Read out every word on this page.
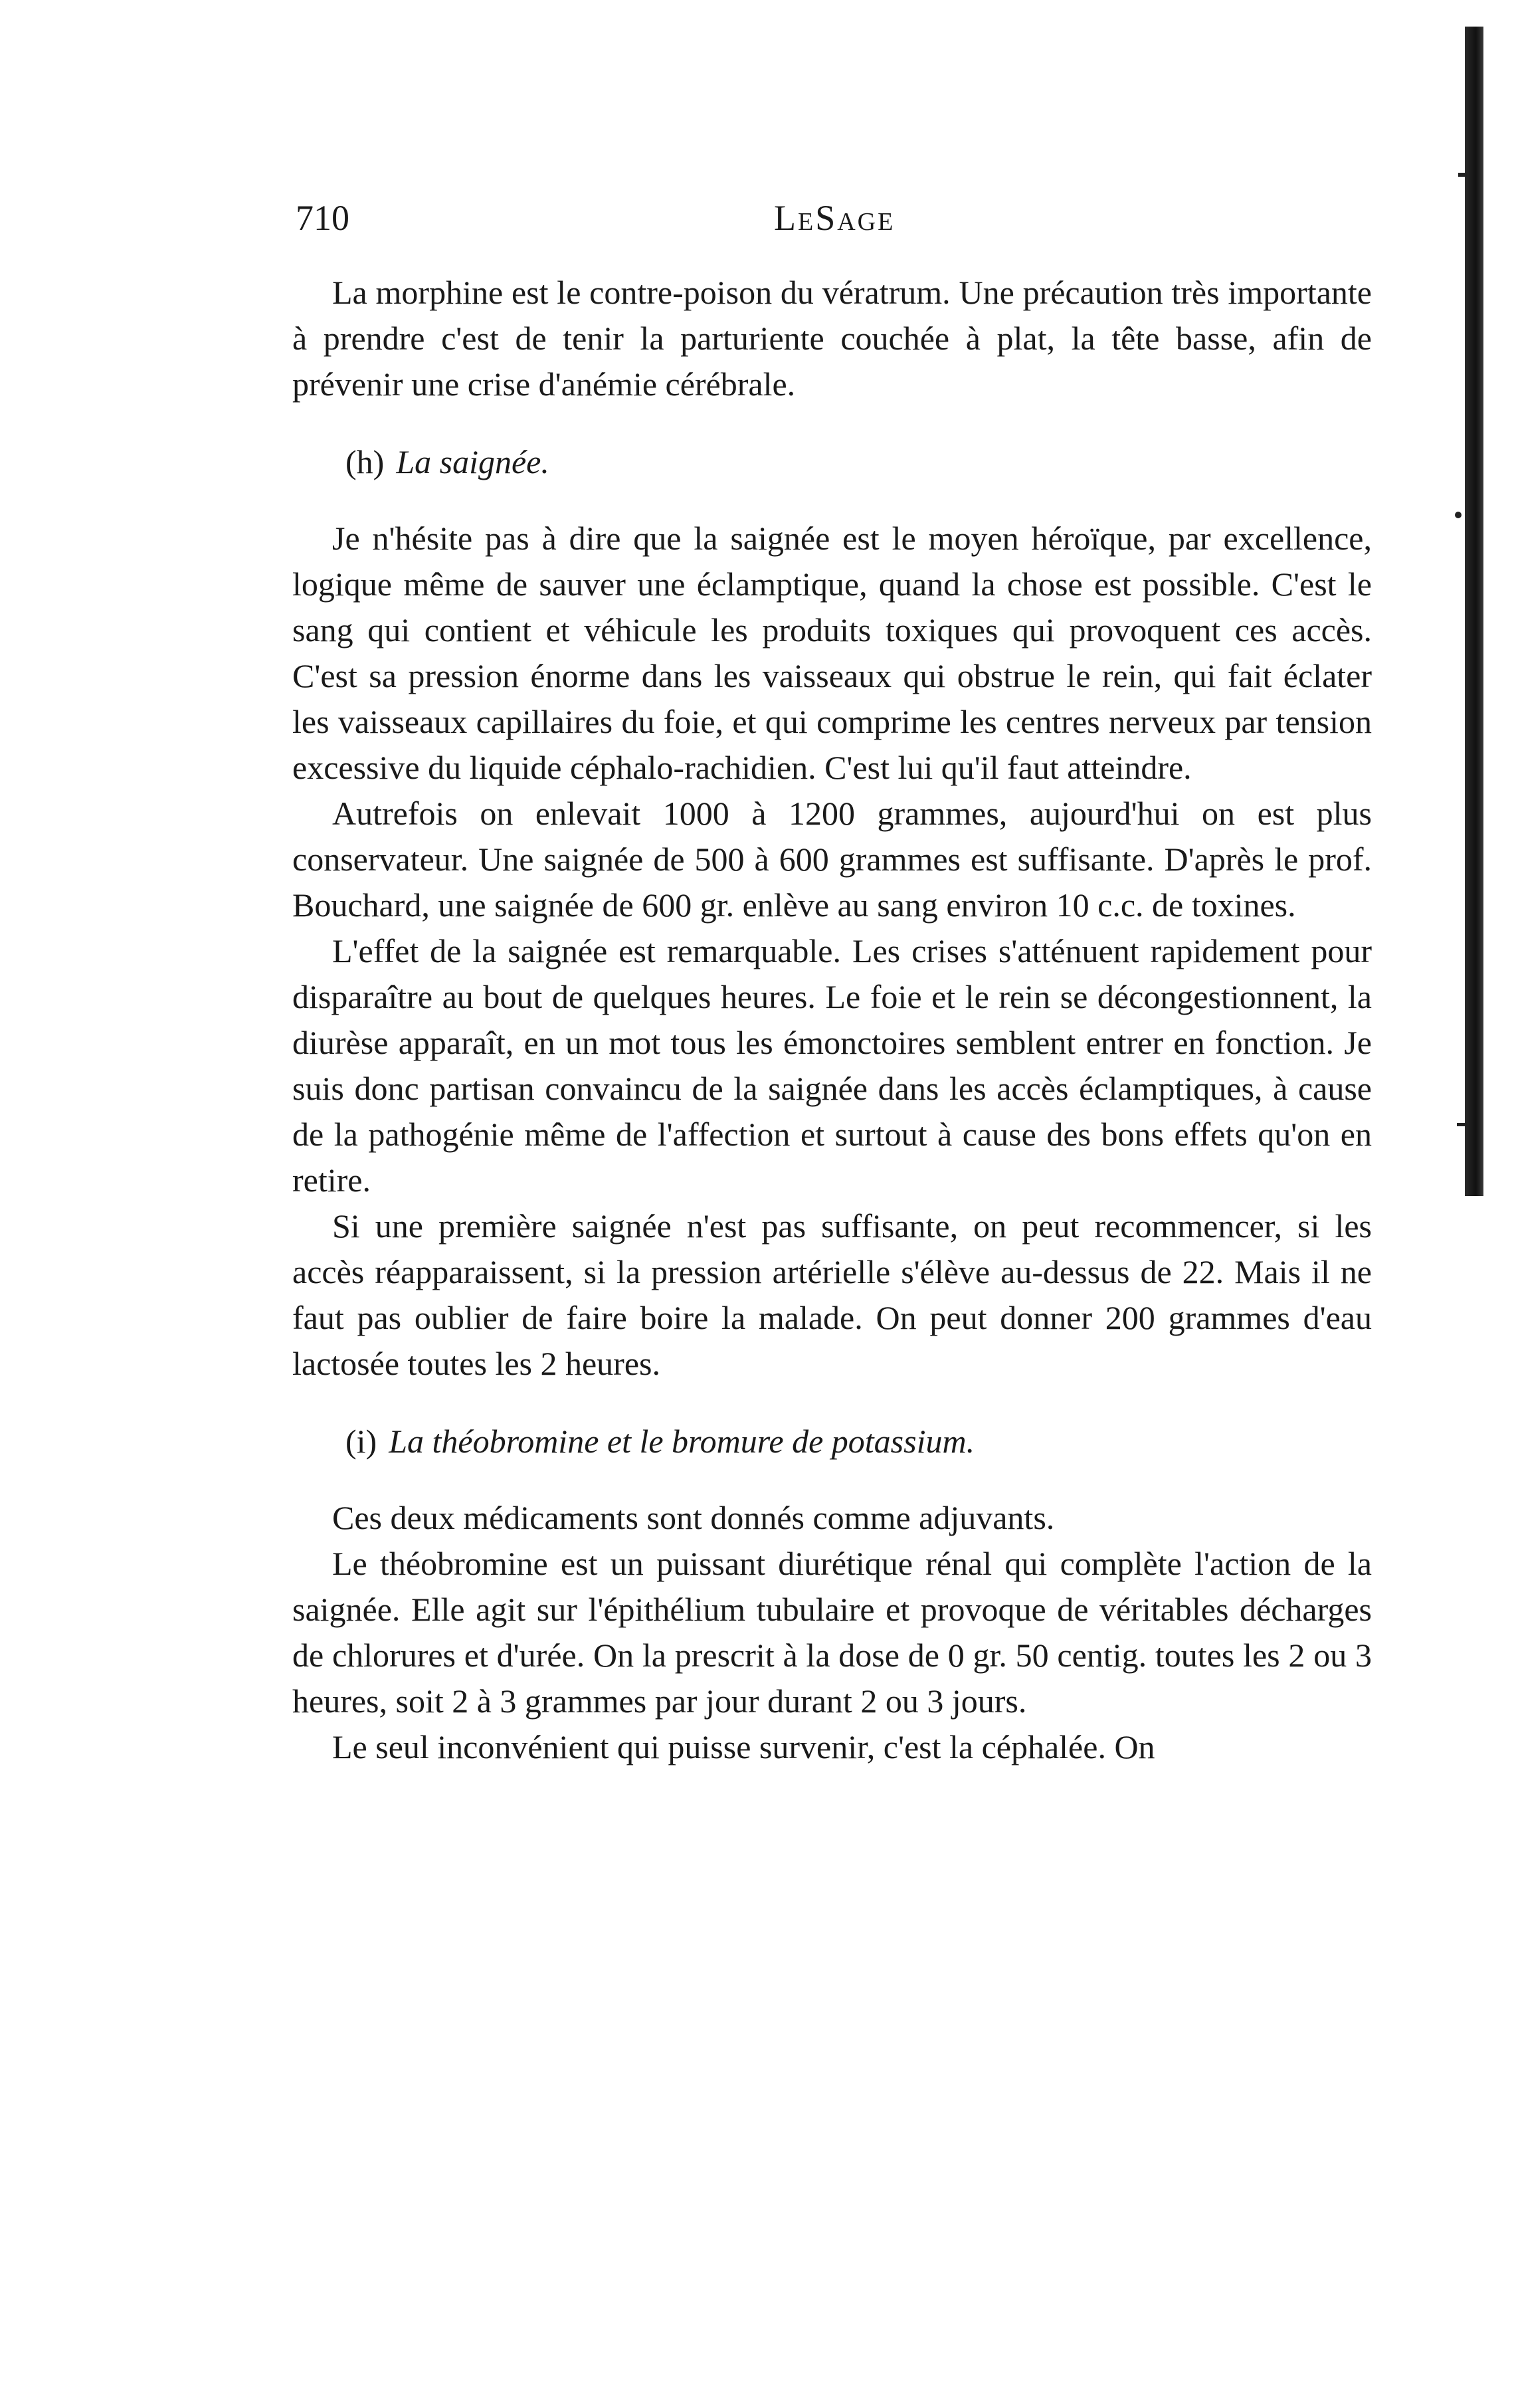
710	LeSage

La morphine est le contre-poison du vératrum. Une précaution très importante à prendre c'est de tenir la parturiente couchée à plat, la tête basse, afin de prévenir une crise d'anémie cérébrale.

(h) La saignée.

Je n'hésite pas à dire que la saignée est le moyen héroïque, par excellence, logique même de sauver une éclamptique, quand la chose est possible. C'est le sang qui contient et véhicule les produits toxiques qui provoquent ces accès. C'est sa pression énorme dans les vaisseaux qui obstrue le rein, qui fait éclater les vaisseaux capillaires du foie, et qui comprime les centres nerveux par tension excessive du liquide céphalo-rachidien. C'est lui qu'il faut atteindre.

Autrefois on enlevait 1000 à 1200 grammes, aujourd'hui on est plus conservateur. Une saignée de 500 à 600 grammes est suffisante. D'après le prof. Bouchard, une saignée de 600 gr. enlève au sang environ 10 c.c. de toxines.

L'effet de la saignée est remarquable. Les crises s'atténuent rapidement pour disparaître au bout de quelques heures. Le foie et le rein se décongestionnent, la diurèse apparaît, en un mot tous les émonctoires semblent entrer en fonction. Je suis donc partisan convaincu de la saignée dans les accès éclamptiques, à cause de la pathogénie même de l'affection et surtout à cause des bons effets qu'on en retire.

Si une première saignée n'est pas suffisante, on peut recommencer, si les accès réapparaissent, si la pression artérielle s'élève au-dessus de 22. Mais il ne faut pas oublier de faire boire la malade. On peut donner 200 grammes d'eau lactosée toutes les 2 heures.

(i) La théobromine et le bromure de potassium.

Ces deux médicaments sont donnés comme adjuvants.

Le théobromine est un puissant diurétique rénal qui complète l'action de la saignée. Elle agit sur l'épithélium tubulaire et provoque de véritables décharges de chlorures et d'urée. On la prescrit à la dose de 0 gr. 50 centig. toutes les 2 ou 3 heures, soit 2 à 3 grammes par jour durant 2 ou 3 jours.

Le seul inconvénient qui puisse survenir, c'est la céphalée. On
